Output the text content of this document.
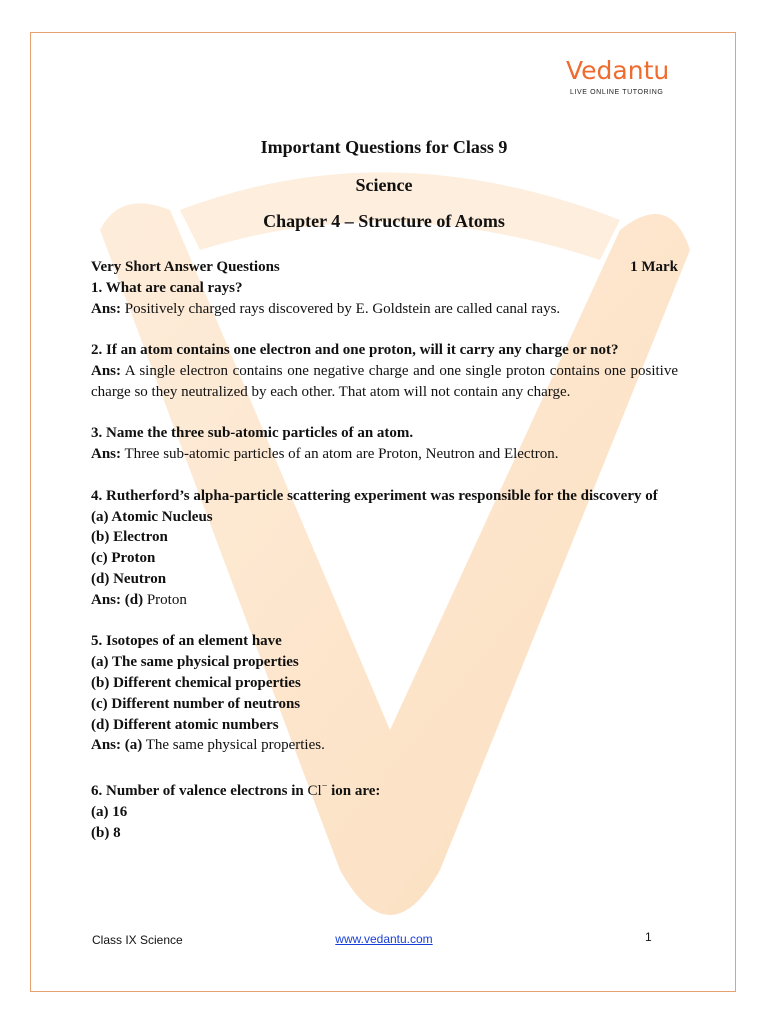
Vedantu
LIVE ONLINE TUTORING
Important Questions for Class 9
Science
Chapter 4 – Structure of Atoms
Very Short Answer Questions	1 Mark

1. What are canal rays?

Ans: Positively charged rays discovered by E. Goldstein are called canal rays.

2. If an atom contains one electron and one proton, will it carry any charge or not?

Ans: A single electron contains one negative charge and one single proton contains one positive charge so they neutralized by each other. That atom will not contain any charge.

3. Name the three sub-atomic particles of an atom.

Ans: Three sub-atomic particles of an atom are Proton, Neutron and Electron.

4. Rutherford’s alpha-particle scattering experiment was responsible for the discovery of

(a) Atomic Nucleus

(b) Electron

(c) Proton

(d) Neutron

Ans: (d) Proton

5. Isotopes of an element have

(a) The same physical properties

(b) Different chemical properties

(c) Different number of neutrons

(d) Different atomic numbers

Ans: (a) The same physical properties.

6. Number of valence electrons in Cl− ion are:

(a) 16

(b) 8

Class IX Science	www.vedantu.com	1
